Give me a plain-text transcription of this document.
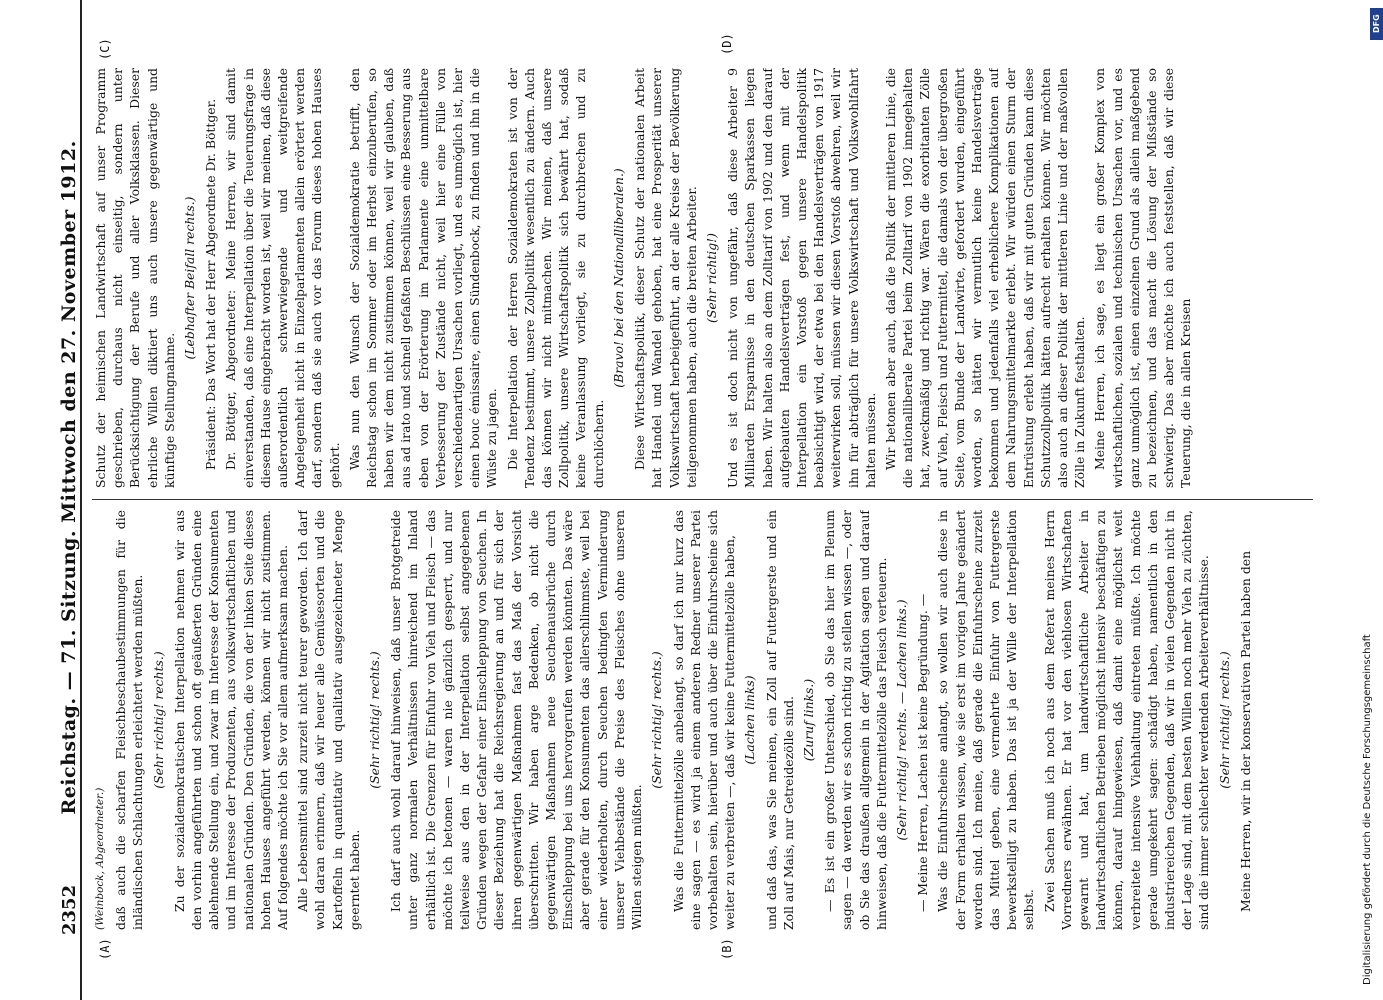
2352
Reichstag. — 71. Sitzung. Mittwoch den 27. November 1912.
(A)	(B)
(C)	(D)

(Weinbock, Abgeordneter.) daß auch die scharfen Fleischbeschaubestimmungen für die inländischen Schlachtungen erleichtert werden müßten. (Sehr richtig! rechts.) Zu der sozialdemokratischen Interpellation nehmen wir aus den vorhin angeführten und schon oft geäußerten Gründen eine ablehnende Stellung ein, und zwar im Interesse der Konsumenten und im Interesse der Produzenten, aus volkswirtschaftlichen und nationalen Gründen. Den Gründen, die von der linken Seite dieses hohen Hauses angeführt werden, können wir nicht zustimmen. Auf folgendes möchte ich Sie vor allem aufmerksam machen. Alle Lebensmittel sind zurzeit nicht teurer geworden. Ich darf wohl daran erinnern, daß wir heuer alle Gemüsesorten und die Kartoffeln in quantitativ und qualitativ ausgezeichneter Menge geerntet haben.

(Sehr richtig! rechts.) Ich darf auch wohl darauf hinweisen, daß unser Brotgetreide unter ganz normalen Verhältnissen hinreichend im Inland erhältlich ist. Die Grenzen für Einfuhr von Vieh und Fleisch — das möchte ich betonen — waren nie gänzlich gesperrt, und nur teilweise aus den in der Interpellation selbst angegebenen Gründen wegen der Gefahr einer Einschleppung von Seuchen. In dieser Beziehung hat die Reichsregierung an und für sich der ihren gegenwärtigen Maßnahmen fast das Maß der Vorsicht überschritten. Wir haben arge Bedenken, ob nicht die gegenwärtigen Maßnahmen neue Seuchenausbrüche durch Einschleppung bei uns hervorgerufen werden könnten. Das wäre aber gerade für den Konsumenten das allerschlimmste, weil bei einer wiederholten, durch Seuchen bedingten Verminderung unserer Viehbestände die Preise des Fleisches ohne unseren Willen steigen müßten.

(Sehr richtig! rechts.) Was die Futtermittelzölle anbelangt, so darf ich nur kurz das eine sagen — es wird ja einem anderen Redner unserer Partei vorbehalten sein, hierüber und auch über die Einfuhrscheine sich weiter zu verbreiten —, daß wir keine Futtermittelzölle haben, (Lachen links) und daß das, was Sie meinen, ein Zoll auf Futtergerste und ein Zoll auf Mais, nur Getreidezölle sind. (Zuruf links.) — Es ist ein großer Unterschied, ob Sie das hier im Plenum sagen — da werden wir es schon richtig zu stellen wissen —, oder ob Sie das draußen allgemein in der Agitation sagen und darauf hinweisen, daß die Futtermittelzölle das Fleisch verteuern. (Sehr richtig! rechts. — Lachen links.) — Meine Herren, Lachen ist keine Begründung. — Was die Einfuhrscheine anlangt, so wollen wir auch diese in der Form erhalten wissen, wie sie erst im vorigen Jahre geändert worden sind. Ich meine, daß gerade die Einfuhrscheine zurzeit das Mittel geben, eine vermehrte Einfuhr von Futtergerste bewerkstelligt zu haben. Das ist ja der Wille der Interpellation selbst. Zwei Sachen muß ich noch aus dem Referat meines Herrn Vorredners erwähnen. Er hat vor den viehlosen Wirtschaften gewarnt und hat, um landwirtschaftliche Arbeiter in landwirtschaftlichen Betrieben möglichst intensiv beschäftigen zu können, darauf hingewiesen, daß damit eine möglichst weit verbreitete intensive Viehhaltung eintreten müßte. Ich möchte gerade umgekehrt sagen: schädigt haben, namentlich in den industriereichen Gegenden, daß wir in vielen Gegenden nicht in der Lage sind, mit dem besten Willen noch mehr Vieh zu züchten, sind die immer schlechter werdenden Arbeiterverhältnisse. (Sehr richtig! rechts.) Meine Herren, wir in der konservativen Partei haben den

Schutz der heimischen Landwirtschaft auf unser Programm geschrieben, durchaus nicht einseitig, sondern unter Berücksichtigung der Berufe und aller Volksklassen. Dieser ehrliche Willen diktiert uns auch unsere gegenwärtige und künftige Stellungnahme.

(Lebhafter Beifall rechts.) Präsident: Das Wort hat der Herr Abgeordnete Dr. Böttger. Dr. Böttger, Abgeordneter: Meine Herren, wir sind damit einverstanden, daß eine Interpellation über die Teuerungsfrage in diesem Hause eingebracht worden ist, weil wir meinen, daß diese außerordentlich schwerwiegende und weitgreifende Angelegenheit nicht in Einzelparlamenten allein erörtert werden darf, sondern daß sie auch vor das Forum dieses hohen Hauses gehört. Was nun den Wunsch der Sozialdemokratie betrifft, den Reichstag schon im Sommer oder im Herbst einzuberufen, so haben wir dem nicht zustimmen können, weil wir glauben, daß aus ad irato und schnell gefaßten Beschlüssen eine Besserung aus eben von der Erörterung im Parlamente eine unmittelbare Verbesserung der Zustände nicht, weil hier eine Fülle von verschiedenartigen Ursachen vorliegt, und es unmöglich ist, hier einen bouc émissaire, einen Sündenbock, zu finden und ihn in die Wüste zu jagen. Die Interpellation der Herren Sozialdemokraten ist von der Tendenz bestimmt, unsere Zollpolitik wesentlich zu ändern. Auch das können wir nicht mitmachen. Wir meinen, daß unsere Zollpolitik, unsere Wirtschaftspolitik sich bewährt hat, sodaß keine Veranlassung vorliegt, sie zu durchbrechen und zu durchlöchern.

(Bravo! bei den Nationalliberalen.) Diese Wirtschaftspolitik, dieser Schutz der nationalen Arbeit hat Handel und Wandel gehoben, hat eine Prosperität unserer Volkswirtschaft herbeigeführt, an der alle Kreise der Bevölkerung teilgenommen haben, auch die breiten Arbeiter. (Sehr richtig!) Und es ist doch nicht von ungefähr, daß diese Arbeiter 9 Milliarden Ersparnisse in den deutschen Sparkassen liegen haben. Wir halten also an dem Zolltarif von 1902 und den darauf aufgebauten Handelsverträgen fest, und wenn mit der Interpellation ein Vorstoß gegen unsere Handelspolitik beabsichtigt wird, der etwa bei den Handelsverträgen von 1917 weiterwirken soll, müssen wir diesen Vorstoß abwehren, weil wir ihn für abträglich für unsere Volkswirtschaft und Volkswohlfahrt halten müssen. Wir betonen aber auch, daß die Politik der mittleren Linie, die die nationalliberale Partei beim Zolltarif von 1902 innegehalten hat, zweckmäßig und richtig war. Wären die exorbitanten Zölle auf Vieh, Fleisch und Futtermittel, die damals von der übergroßen Seite, vom Bunde der Landwirte, gefordert wurden, eingeführt worden, so hätten wir vermutlich keine Handelsverträge bekommen und jedenfalls viel erheblichere Komplikationen auf dem Nahrungsmittelmarkte erlebt. Wir würden einen Sturm der Entrüstung erlebt haben, daß wir mit guten Gründen kann diese Schutzzollpolitik hätten aufrecht erhalten können. Wir möchten also auch an dieser Politik der mittleren Linie und der maßvollen Zölle in Zukunft festhalten. Meine Herren, ich sage, es liegt ein großer Komplex von wirtschaftlichen, sozialen und technischen Ursachen vor, und es ganz unmöglich ist, einen einzelnen Grund als allein maßgebend zu bezeichnen, und das macht die Lösung der Mißstände so schwierig. Das aber möchte ich auch feststellen, daß wir diese Teuerung, die in allen Kreisen

DFG
Digitalisierung gefördert durch die Deutsche Forschungsgemeinschaft
